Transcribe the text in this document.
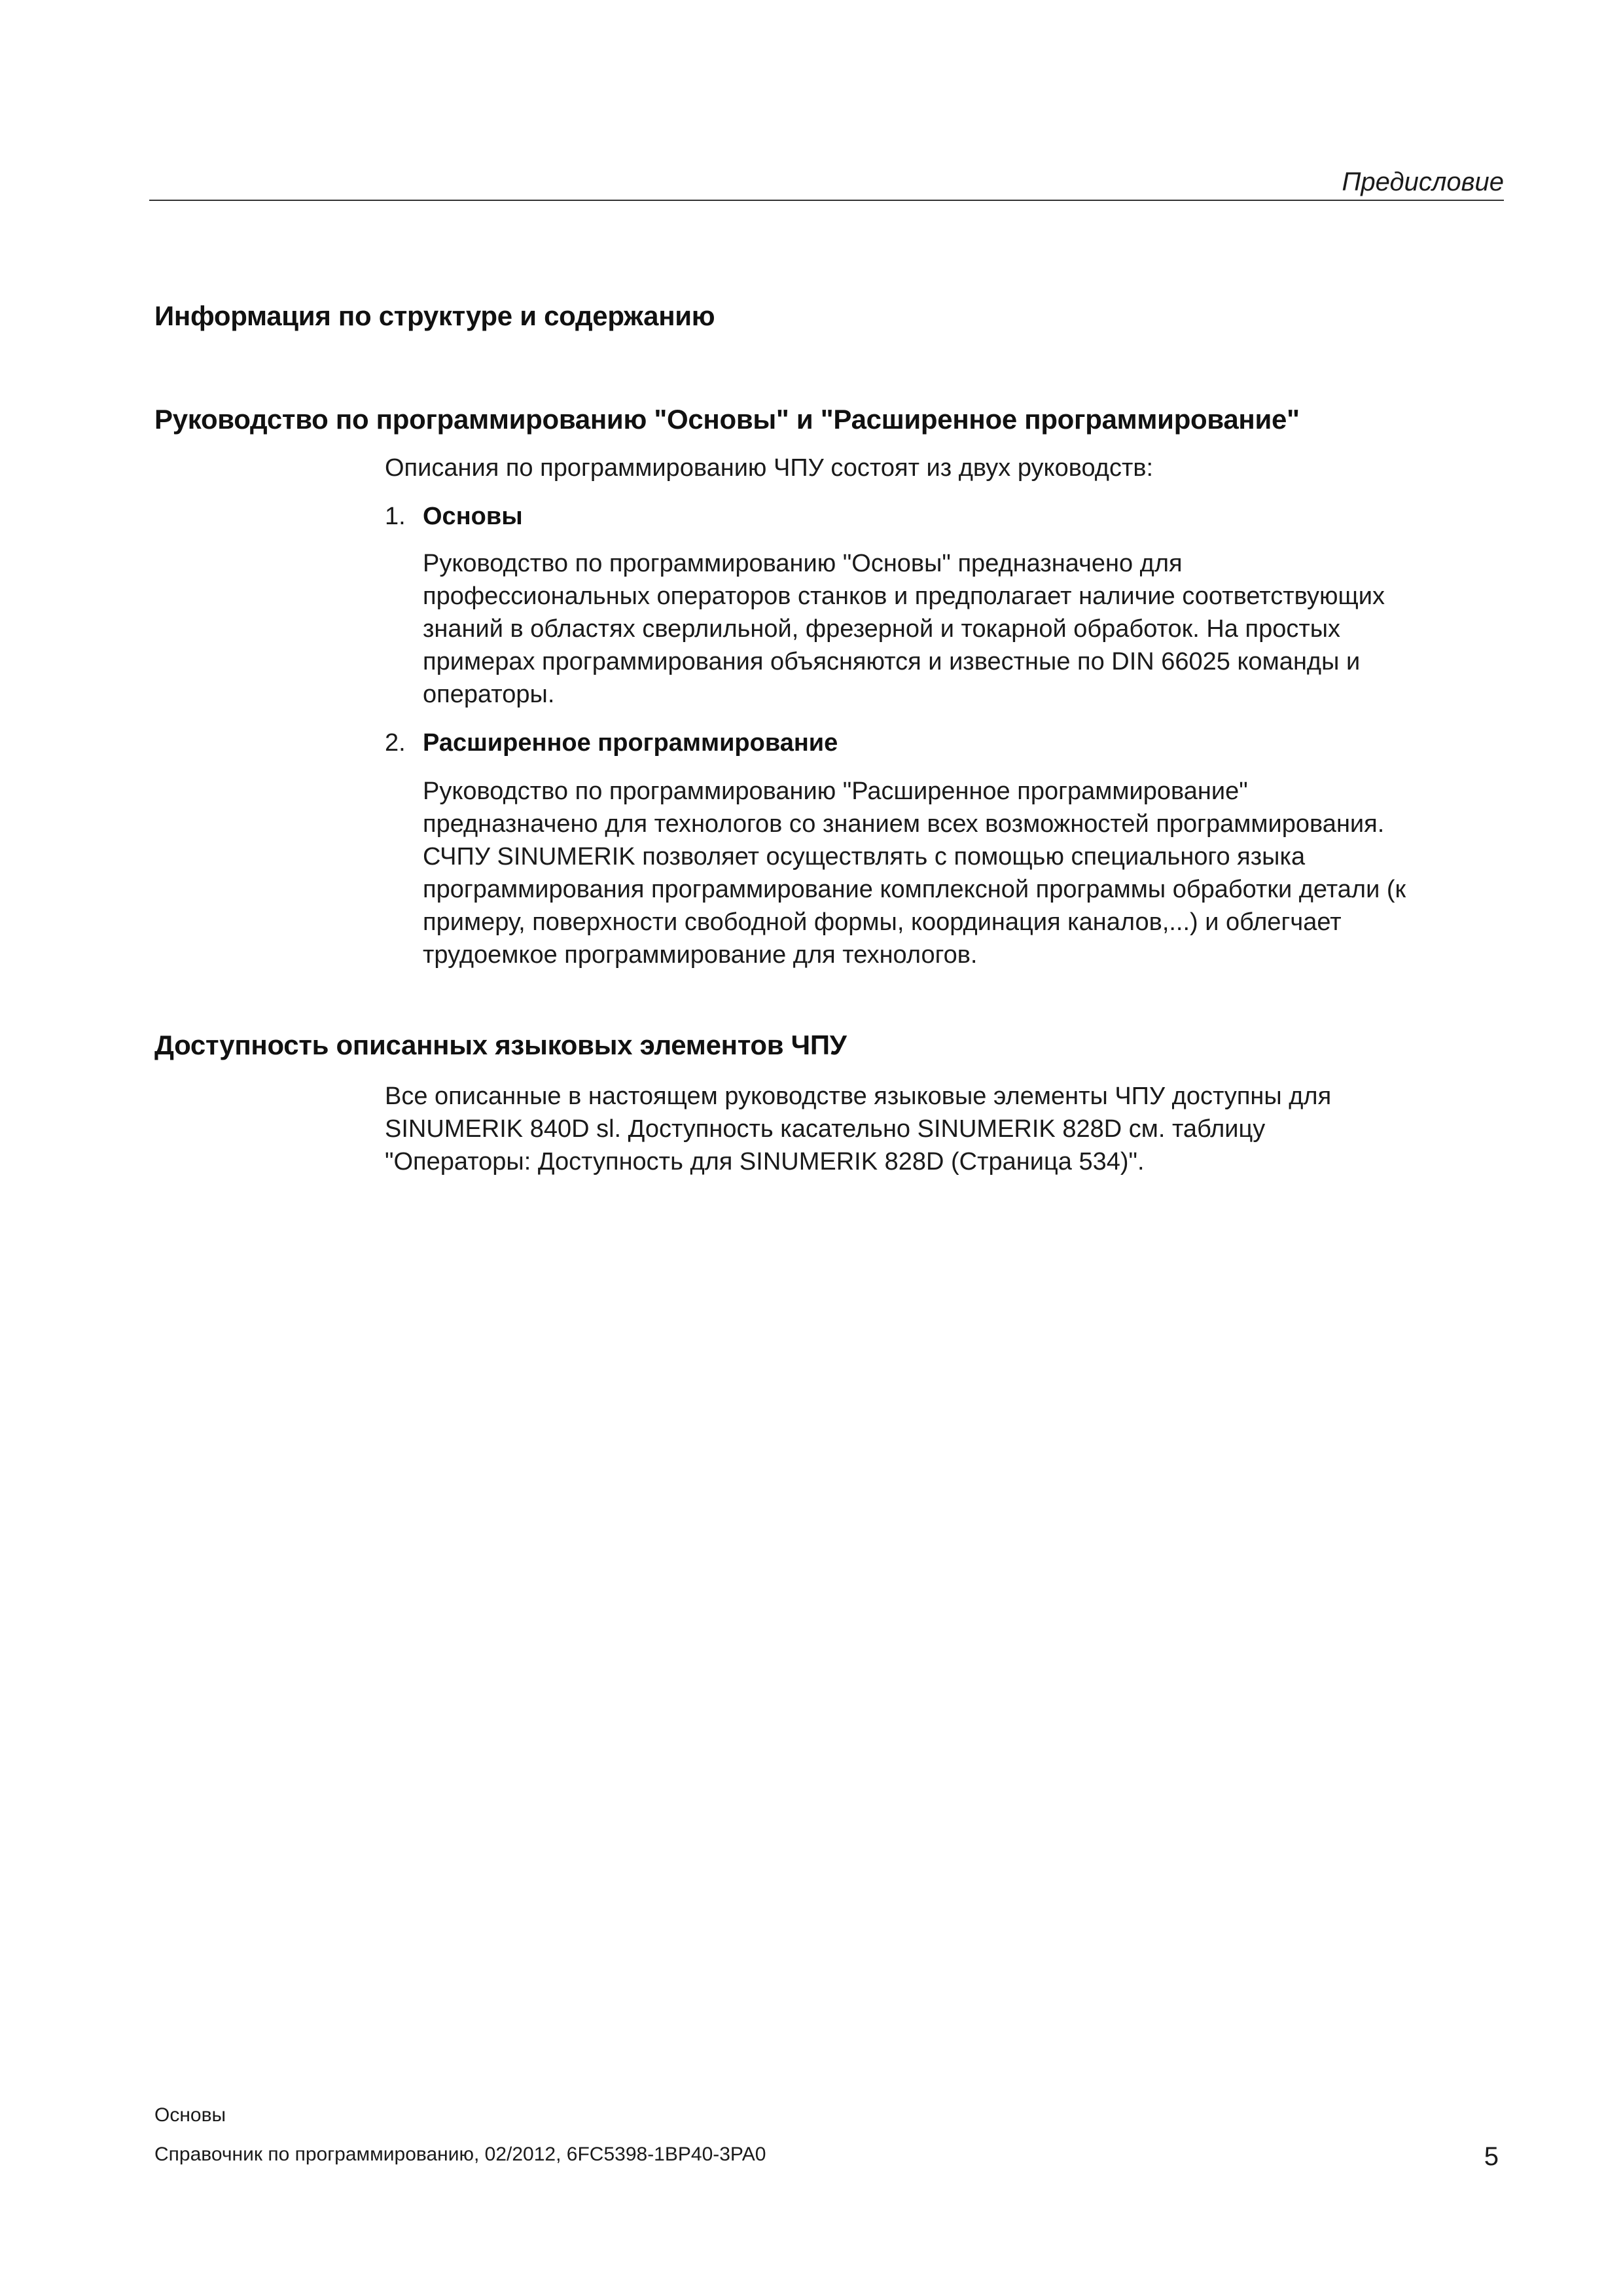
Предисловие
Информация по структуре и содержанию
Руководство по программированию "Основы" и "Расширенное программирование"

Описания по программированию ЧПУ состоят из двух руководств:

1. Основы

Руководство по программированию "Основы" предназначено для

профессиональных операторов станков и предполагает наличие соответствующих

знаний в областях сверлильной, фрезерной и токарной обработок. На простых

примерах программирования объясняются и известные по DIN 66025 команды и

операторы.

2. Расширенное программирование

Руководство по программированию "Расширенное программирование"

предназначено для технологов со знанием всех возможностей программирования.

СЧПУ SINUMERIK позволяет осуществлять с помощью специального языка

программирования программирование комплексной программы обработки детали (к

примеру, поверхности свободной формы, координация каналов,...) и облегчает

трудоемкое программирование для технологов.

Доступность описанных языковых элементов ЧПУ

Все описанные в настоящем руководстве языковые элементы ЧПУ доступны для

SINUMERIK 840D sl. Доступность касательно SINUMERIK 828D см. таблицу

"Операторы: Доступность для SINUMERIK 828D (Страница 534)".

Основы
Справочник по программированию, 02/2012, 6FC5398-1BP40-3PA0	5
